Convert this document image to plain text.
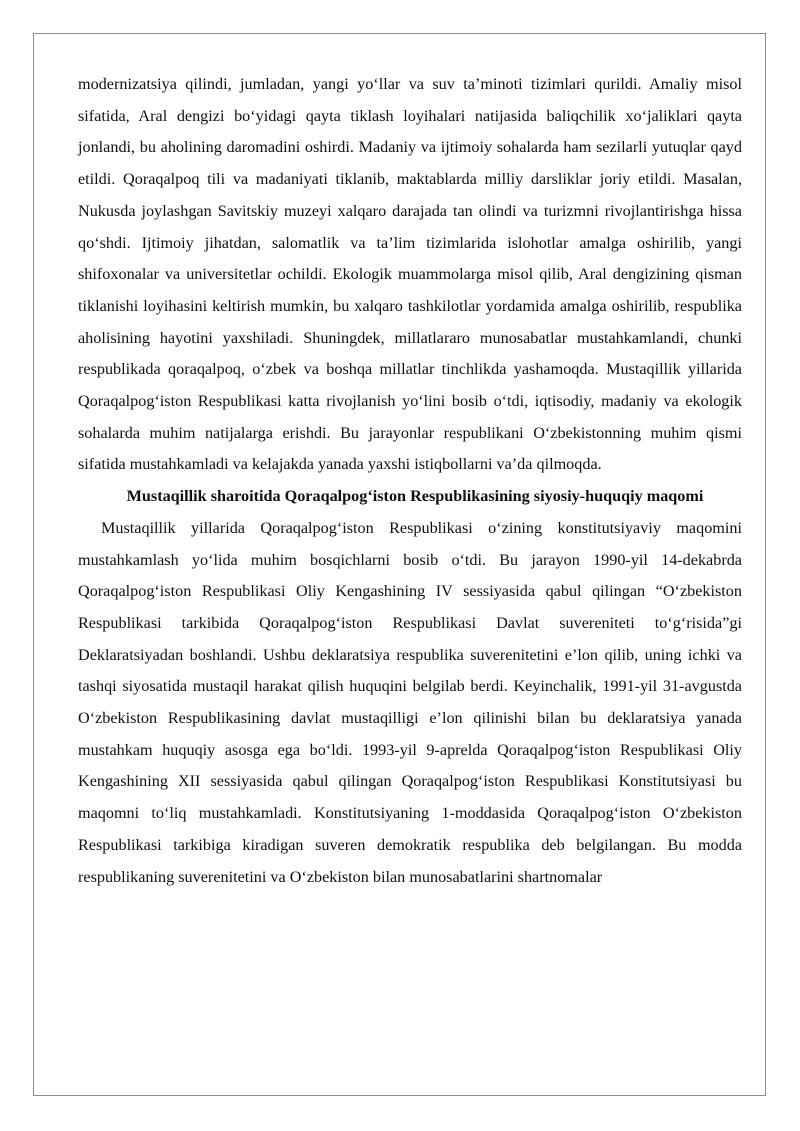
modernizatsiya qilindi, jumladan, yangi yoʻllar va suv taʼminoti tizimlari qurildi. Amaliy misol sifatida, Aral dengizi boʻyidagi qayta tiklash loyihalari natijasida baliqchilik xoʻjaliklari qayta jonlandi, bu aholining daromadini oshirdi. Madaniy va ijtimoiy sohalarda ham sezilarli yutuqlar qayd etildi. Qoraqalpoq tili va madaniyati tiklanib, maktablarda milliy darsliklar joriy etildi. Masalan, Nukusda joylashgan Savitskiy muzeyi xalqaro darajada tan olindi va turizmni rivojlantirishga hissa qoʻshdi. Ijtimoiy jihatdan, salomatlik va taʼlim tizimlarida islohotlar amalga oshirilib, yangi shifoxonalar va universitetlar ochildi. Ekologik muammolarga misol qilib, Aral dengizining qisman tiklanishi loyihasini keltirish mumkin, bu xalqaro tashkilotlar yordamida amalga oshirilib, respublika aholisining hayotini yaxshiladi. Shuningdek, millatlararo munosabatlar mustahkamlandi, chunki respublikada qoraqalpoq, oʻzbek va boshqa millatlar tinchlikda yashamoqda. Mustaqillik yillarida Qoraqalpogʻiston Respublikasi katta rivojlanish yoʻlini bosib oʻtdi, iqtisodiy, madaniy va ekologik sohalarda muhim natijalarga erishdi. Bu jarayonlar respublikani Oʻzbekistonning muhim qismi sifatida mustahkamladi va kelajakda yanada yaxshi istiqbollarni vaʼda qilmoqda.

Mustaqillik sharoitida Qoraqalpogʻiston Respublikasining siyosiy-huquqiy maqomi

Mustaqillik yillarida Qoraqalpogʻiston Respublikasi oʻzining konstitutsiyaviy maqomini mustahkamlash yoʻlida muhim bosqichlarni bosib oʻtdi. Bu jarayon 1990-yil 14-dekabrda Qoraqalpogʻiston Respublikasi Oliy Kengashining IV sessiyasida qabul qilingan “Oʻzbekiston Respublikasi tarkibida Qoraqalpogʻiston Respublikasi Davlat suvereniteti toʻgʻrisida”gi Deklaratsiyadan boshlandi. Ushbu deklaratsiya respublika suverenitetini eʼlon qilib, uning ichki va tashqi siyosatida mustaqil harakat qilish huquqini belgilab berdi. Keyinchalik, 1991-yil 31-avgustda Oʻzbekiston Respublikasining davlat mustaqilligi eʼlon qilinishi bilan bu deklaratsiya yanada mustahkam huquqiy asosga ega boʻldi. 1993-yil 9-aprelda Qoraqalpogʻiston Respublikasi Oliy Kengashining XII sessiyasida qabul qilingan Qoraqalpogʻiston Respublikasi Konstitutsiyasi bu maqomni toʻliq mustahkamladi. Konstitutsiyaning 1-moddasida Qoraqalpogʻiston Oʻzbekiston Respublikasi tarkibiga kiradigan suveren demokratik respublika deb belgilangan. Bu modda respublikaning suverenitetini va Oʻzbekiston bilan munosabatlarini shartnomalar
